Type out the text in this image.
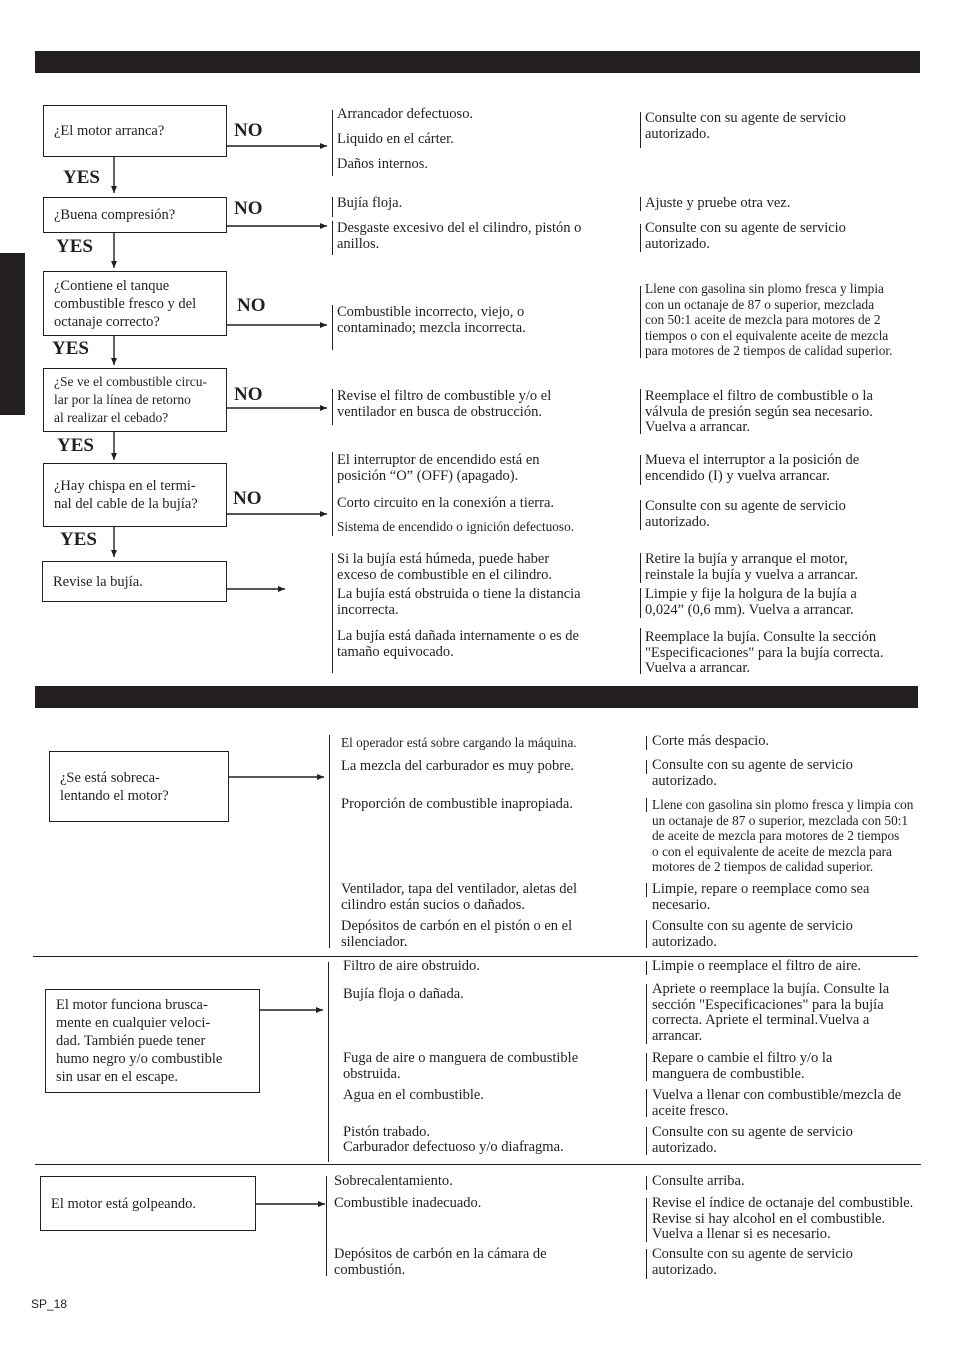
¿El motor arranca?
¿Buena compresión?
¿Contiene el tanque
combustible fresco y del
octanaje correcto?
¿Se ve el combustible circu-
lar por la línea de retorno
al realizar el cebado?
¿Hay chispa en el termi-
nal del cable de la bujía?
Revise la bujía.
NO
NO
NO
NO
NO
YES
YES
YES
YES
YES
Arrancador defectuoso.
Liquido en el cárter.
Daños internos.
Bujía floja.
Desgaste excesivo del el cilindro, pistón o
anillos.
Combustible incorrecto, viejo, o
contaminado; mezcla incorrecta.
Revise el filtro de combustible y/o el
ventilador en busca de obstrucción.
El interruptor de encendido está en
posición “O” (OFF) (apagado).
Corto circuito en la conexión a tierra.
Sistema de encendido o ignición defectuoso.
Si la bujía está húmeda, puede haber
exceso de combustible en el cilindro.
La bujía está obstruida o tiene la distancia
incorrecta.
La bujía está dañada internamente o es de
tamaño equivocado.
Consulte con su agente de servicio
autorizado.
Ajuste y pruebe otra vez.
Consulte con su agente de servicio
autorizado.
Llene con gasolina sin plomo fresca y limpia
con un octanaje de 87 o superior, mezclada
con 50:1 aceite de mezcla para motores de 2
tiempos o con el equivalente aceite de mezcla
para motores de 2 tiempos de calidad superior.
Reemplace el filtro de combustible o la
válvula de presión según sea necesario.
Vuelva a arrancar.
Mueva el interruptor a la posición de
encendido (I) y vuelva arrancar.
Consulte con su agente de servicio
autorizado.
Retire la bujía y arranque el motor,
reinstale la bujía y vuelva a arrancar.
Limpie y fije la holgura de la bujía a
0,024” (0,6 mm). Vuelva a arrancar.
Reemplace la bujía. Consulte la sección
"Especificaciones" para la bujía correcta.
Vuelva a arrancar.
¿Se está sobreca-
lentando el motor?
El motor funciona brusca-
mente en cualquier veloci-
dad. También puede tener
humo negro y/o combustible
sin usar en el escape.
El motor está golpeando.
El operador está sobre cargando la máquina.
La mezcla del carburador es muy pobre.
Proporción de combustible inapropiada.
Ventilador, tapa del ventilador, aletas del
cilindro están sucios o dañados.
Depósitos de carbón en el pistón o en el
silenciador.
Filtro de aire obstruido.
Bujía floja o dañada.
Fuga de aire o manguera de combustible
obstruida.
Agua en el combustible.
Pistón trabado.
Carburador defectuoso y/o diafragma.
Sobrecalentamiento.
Combustible inadecuado.
Depósitos de carbón en la cámara de
combustión.
Corte más despacio.
Consulte con su agente de servicio
autorizado.
Llene con gasolina sin plomo fresca y limpia con
un octanaje de 87 o superior, mezclada con 50:1
de aceite de mezcla para motores de 2 tiempos
o con el equivalente de aceite de mezcla para
motores de 2 tiempos de calidad superior.
Limpie, repare o reemplace como sea
necesario.
Consulte con su agente de servicio
autorizado.
Limpie o reemplace el filtro de aire.
Apriete o reemplace la bujía. Consulte la
sección "Especificaciones" para la bujía
correcta. Apriete el terminal.Vuelva a
arrancar.
Repare o cambie el filtro y/o la
manguera de combustible.
Vuelva a llenar con combustible/mezcla de
aceite fresco.
Consulte con su agente de servicio
autorizado.
Consulte arriba.
Revise el índice de octanaje del combustible.
Revise si hay alcohol en el combustible.
Vuelva a llenar si es necesario.
Consulte con su agente de servicio
autorizado.
SP_18
